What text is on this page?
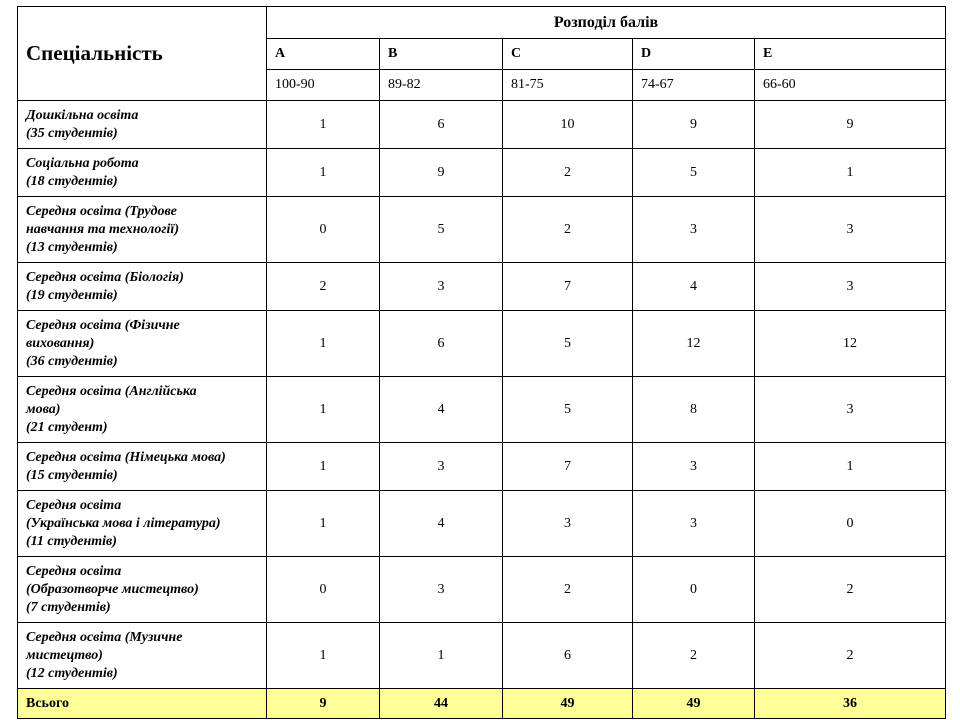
Спеціальність	Розподіл балів				
	A	B	C	D	E
	100-90	89-82	81-75	74-67	66-60

Дошкільна освіта
(35 студентів)	1	6	10	9	9

Соціальна робота
(18 студентів)	1	9	2	5	1

Середня освіта (Трудове
навчання та технології)
(13 студентів)	0	5	2	3	3

Середня освіта (Біологія)
(19 студентів)	2	3	7	4	3

Середня освіта (Фізичне
виховання)
(36 студентів)	1	6	5	12	12

Середня освіта (Англійська
мова)
(21 студент)	1	4	5	8	3

Середня освіта (Німецька мова)
(15 студентів)	1	3	7	3	1

Середня освіта
(Українська мова і література)
(11 студентів)	1	4	3	3	0

Середня освіта
(Образотворче мистецтво)
(7 студентів)	0	3	2	0	2

Середня освіта (Музичне
мистецтво)
(12 студентів)	1	1	6	2	2
Всього	9	44	49	49	36
